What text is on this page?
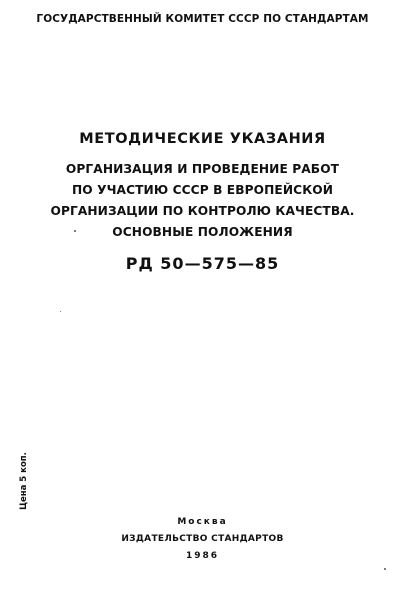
ГОСУДАРСТВЕННЫЙ КОМИТЕТ СССР ПО СТАНДАРТАМ
МЕТОДИЧЕСКИЕ УКАЗАНИЯ
ОРГАНИЗАЦИЯ И ПРОВЕДЕНИЕ РАБОТ
ПО УЧАСТИЮ СССР В ЕВРОПЕЙСКОЙ
ОРГАНИЗАЦИИ ПО КОНТРОЛЮ КАЧЕСТВА.
ОСНОВНЫЕ ПОЛОЖЕНИЯ
РД 50—575—85
Цена 5 коп.
Москва
ИЗДАТЕЛЬСТВО СТАНДАРТОВ
1986
